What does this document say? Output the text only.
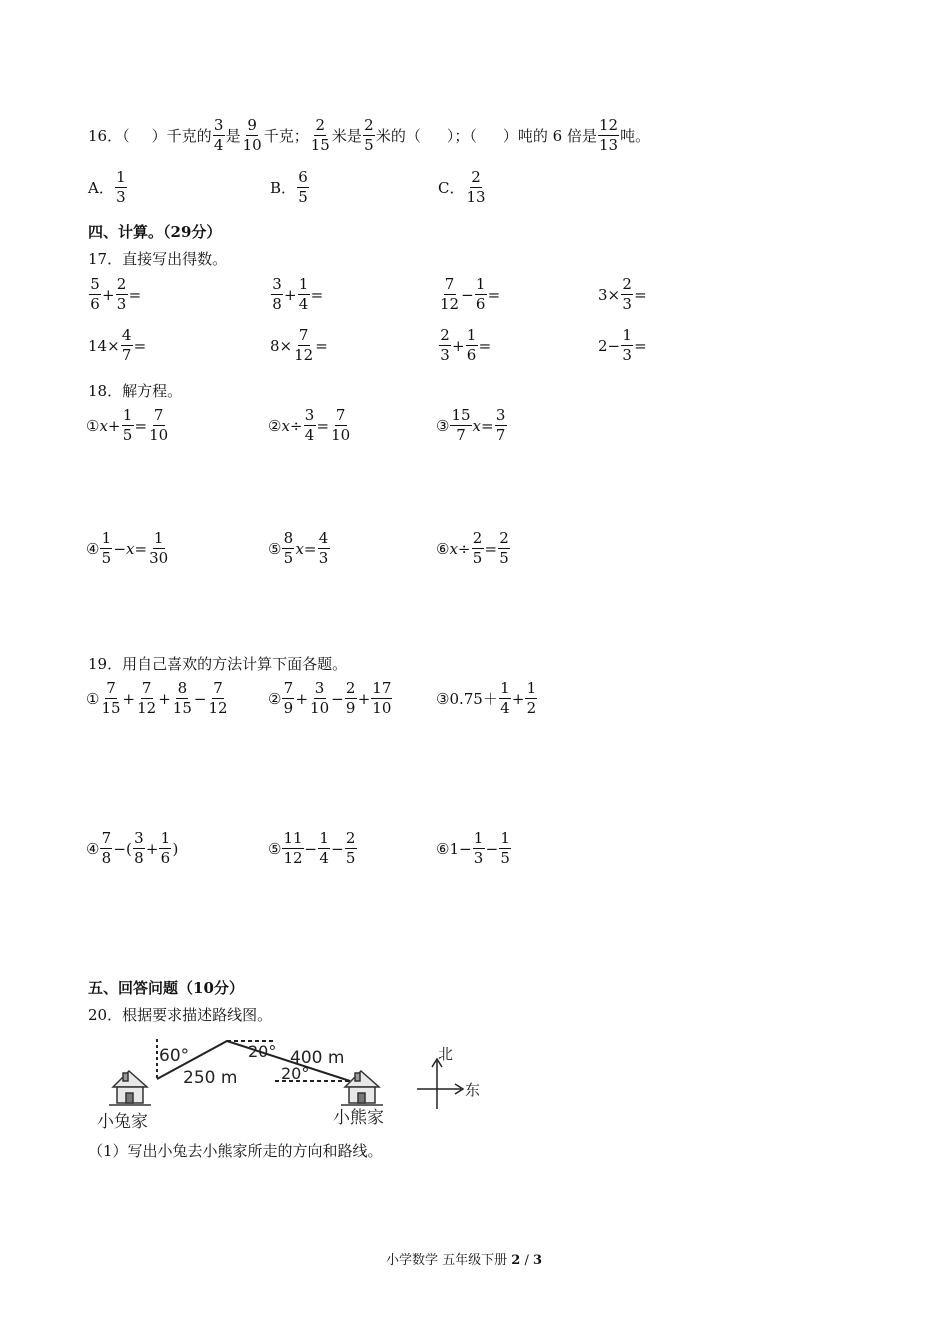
16．（ ）千克的 $\frac{3}{4}$ 是 $\frac{9}{10}$ 千克； $\frac{2}{15}$ 米是 $\frac{2}{5}$ 米的（ ）；（ ）吨的 6 倍是 $\frac{12}{13}$ 吨。
A． $\frac{1}{3}$	B． $\frac{6}{5}$	C． $\frac{2}{13}$
四、计算。（29分）
17．直接写出得数。
$\frac{5}{6} + \frac{2}{3}$ =	$\frac{3}{8} + \frac{1}{4}$ =	$\frac{7}{12} - \frac{1}{6}$ =	$3\times \frac{2}{3}$ =
$14\times \frac{4}{7}$ =	$8\times \frac{7}{12}$ =	$\frac{2}{3} + \frac{1}{6}$ =	$2- \frac{1}{3}$ =
18．解方程。
① $x + \frac{1}{5} = \frac{7}{10}$	② $x \div \frac{3}{4} = \frac{7}{10}$	③ $\frac{15}{7}$ $x = \frac{3}{7}$
④ $\frac{1}{5} - x = \frac{1}{30}$	⑤ $\frac{8}{5}$ $x = \frac{4}{3}$	⑥ $x \div \frac{2}{5} = \frac{2}{5}$
19．用自己喜欢的方法计算下面各题。
① $\frac{7}{15} + \frac{7}{12} + \frac{8}{15} - \frac{7}{12}$	② $\frac{7}{9} + \frac{3}{10} - \frac{2}{9} + \frac{17}{10}$	③ $0.75+ \frac{1}{4} + \frac{1}{2}$
④ $\frac{7}{8}$ −( $\frac{3}{8} + \frac{1}{6}$ )	⑤ $\frac{11}{12} - \frac{1}{4} - \frac{2}{5}$	⑥ $1- \frac{1}{3} - \frac{1}{5}$
五、回答问题（10分）
20．根据要求描述路线图。
60°
250 m
20° 400 m
20°
小兔家	小熊家
北
东
（1）写出小兔去小熊家所走的方向和路线。
小学数学 五年级下册 2 / 3
